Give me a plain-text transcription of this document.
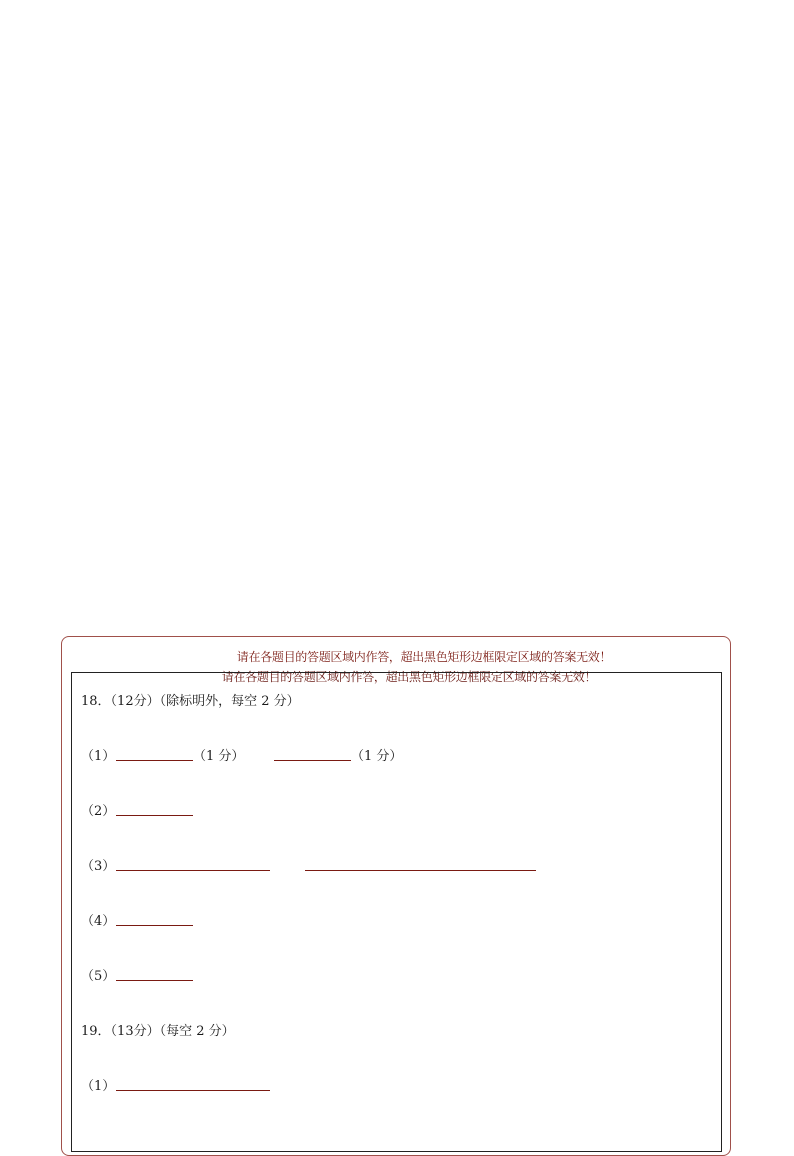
请在各题目的答题区域内作答，超出黑色矩形边框限定区域的答案无效！
请在各题目的答题区域内作答，超出黑色矩形边框限定区域的答案无效！
18．（12分）（除标明外，每空 2 分）
（1）	（1 分）	（1 分）
（2）
（3）
（4）
（5）
19．（13分）（每空 2 分）
（1）
